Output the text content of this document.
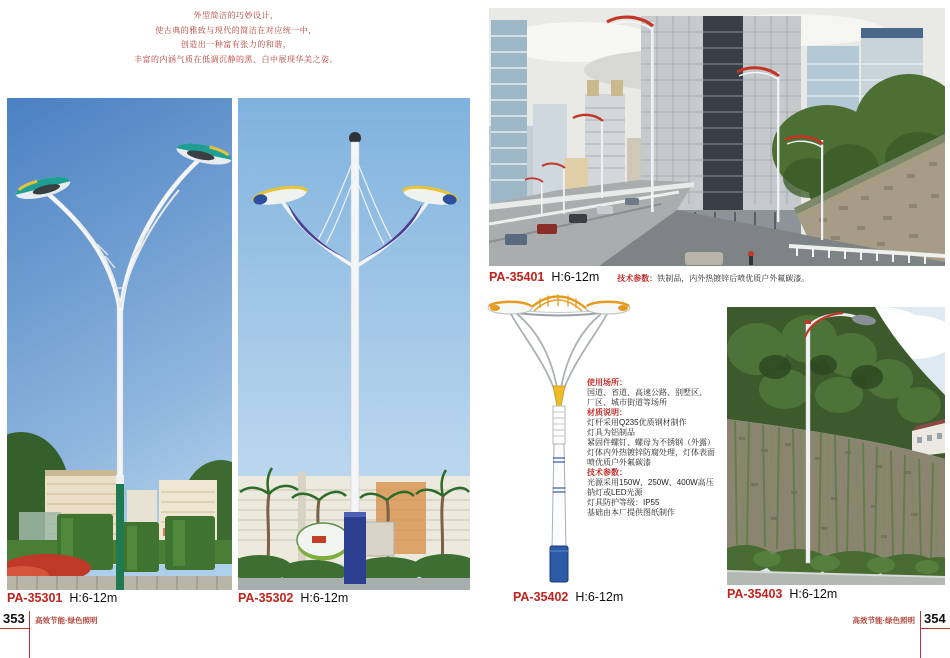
外型简洁的巧妙设计，
使古典的雅致与现代的简洁在对应统一中，
创造出一种富有张力的和谐，
丰富的内涵气质在低调沉静的黑、白中展现华美之姿。
PA-35301 H:6-12m	PA-35302 H:6-12m
PA-35401 H:6-12m 技术参数：铁制品，内外热镀锌后喷优质户外氟碳漆。
PA-35402 H:6-12m	PA-35403 H:6-12m
使用场所：
国道、省道、高速公路、别墅区、
厂区、城市街道等场所
材质说明：
灯杆采用Q235优质钢材制作
灯具为铝制品
紧固件螺钉、螺母为不锈钢（外露）
灯体内外热镀锌防腐处理，灯体表面
喷优质户外氟碳漆
技术参数：
光源采用150W、250W、400W高压
钠灯或LED光源
灯具防护等级：IP55
基础由本厂提供图纸制作
353 高效节能·绿色照明	高效节能·绿色照明 354
